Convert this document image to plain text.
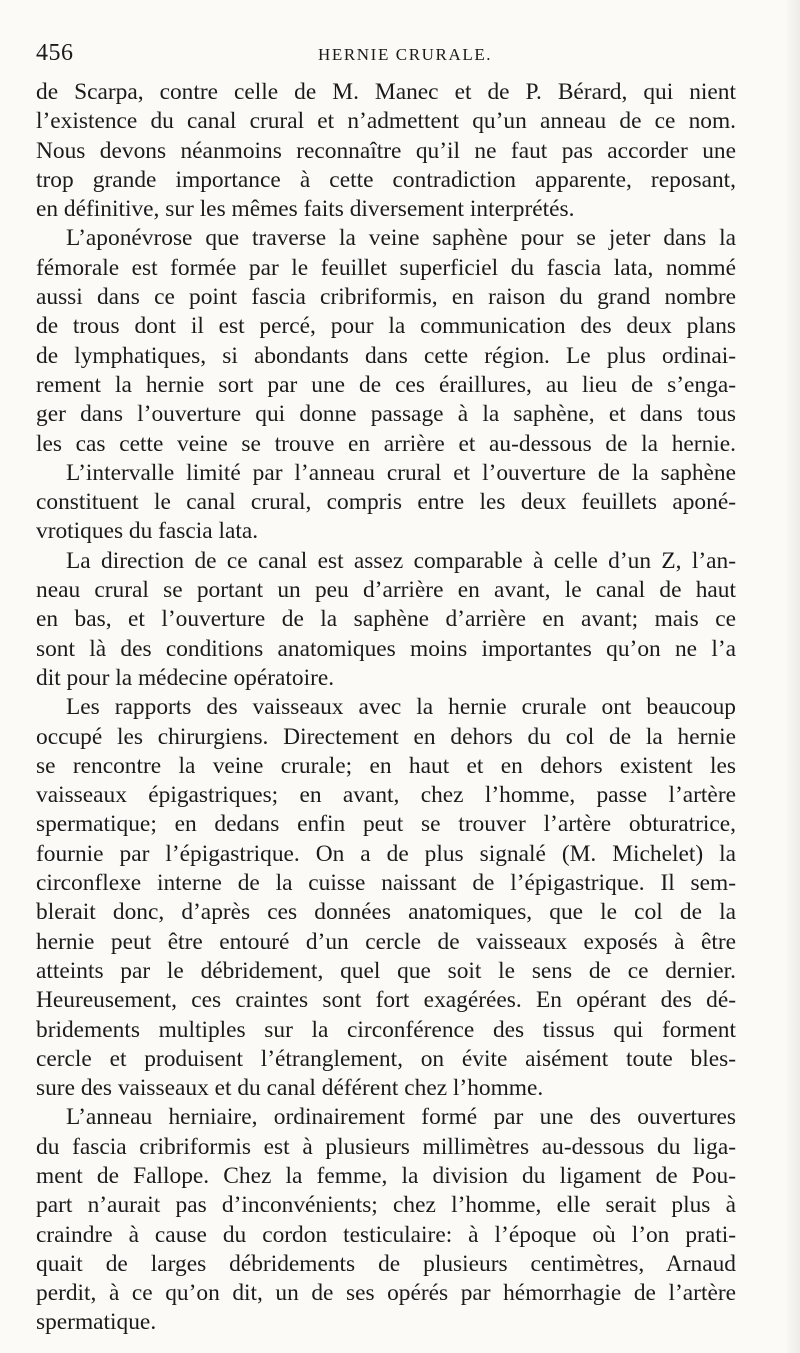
456	HERNIE CRURALE.
de Scarpa, contre celle de M. Manec et de P. Bérard, qui nient
l’existence du canal crural et n’admettent qu’un anneau de ce nom.
Nous devons néanmoins reconnaître qu’il ne faut pas accorder une
trop grande importance à cette contradiction apparente, reposant,
en définitive, sur les mêmes faits diversement interprétés.
L’aponévrose que traverse la veine saphène pour se jeter dans la
fémorale est formée par le feuillet superficiel du fascia lata, nommé
aussi dans ce point fascia cribriformis, en raison du grand nombre
de trous dont il est percé, pour la communication des deux plans
de lymphatiques, si abondants dans cette région. Le plus ordinai-
rement la hernie sort par une de ces éraillures, au lieu de s’enga-
ger dans l’ouverture qui donne passage à la saphène, et dans tous
les cas cette veine se trouve en arrière et au-dessous de la hernie.
L’intervalle limité par l’anneau crural et l’ouverture de la saphène
constituent le canal crural, compris entre les deux feuillets aponé-
vrotiques du fascia lata.
La direction de ce canal est assez comparable à celle d’un Z, l’an-
neau crural se portant un peu d’arrière en avant, le canal de haut
en bas, et l’ouverture de la saphène d’arrière en avant; mais ce
sont là des conditions anatomiques moins importantes qu’on ne l’a
dit pour la médecine opératoire.
Les rapports des vaisseaux avec la hernie crurale ont beaucoup
occupé les chirurgiens. Directement en dehors du col de la hernie
se rencontre la veine crurale; en haut et en dehors existent les
vaisseaux épigastriques; en avant, chez l’homme, passe l’artère
spermatique; en dedans enfin peut se trouver l’artère obturatrice,
fournie par l’épigastrique. On a de plus signalé (M. Michelet) la
circonflexe interne de la cuisse naissant de l’épigastrique. Il sem-
blerait donc, d’après ces données anatomiques, que le col de la
hernie peut être entouré d’un cercle de vaisseaux exposés à être
atteints par le débridement, quel que soit le sens de ce dernier.
Heureusement, ces craintes sont fort exagérées. En opérant des dé-
bridements multiples sur la circonférence des tissus qui forment
cercle et produisent l’étranglement, on évite aisément toute bles-
sure des vaisseaux et du canal déférent chez l’homme.
L’anneau herniaire, ordinairement formé par une des ouvertures
du fascia cribriformis est à plusieurs millimètres au-dessous du liga-
ment de Fallope. Chez la femme, la division du ligament de Pou-
part n’aurait pas d’inconvénients; chez l’homme, elle serait plus à
craindre à cause du cordon testiculaire: à l’époque où l’on prati-
quait de larges débridements de plusieurs centimètres, Arnaud
perdit, à ce qu’on dit, un de ses opérés par hémorrhagie de l’artère
spermatique.
